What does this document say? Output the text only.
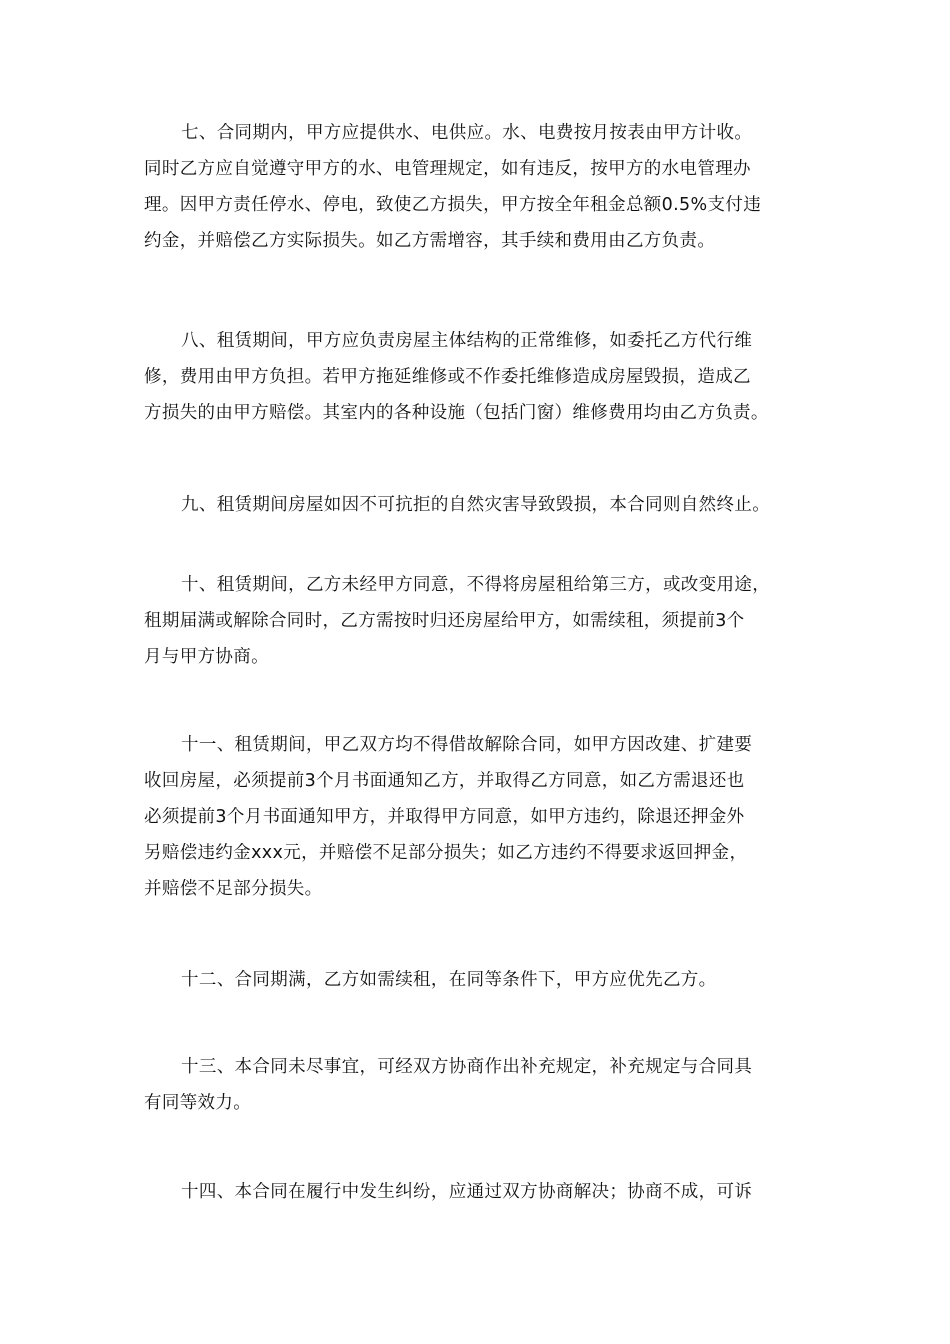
七、合同期内，甲方应提供水、电供应。水、电费按月按表由甲方计收。
同时乙方应自觉遵守甲方的水、电管理规定，如有违反，按甲方的水电管理办
理。因甲方责任停水、停电，致使乙方损失，甲方按全年租金总额0.5%支付违
约金，并赔偿乙方实际损失。如乙方需增容，其手续和费用由乙方负责。
八、租赁期间，甲方应负责房屋主体结构的正常维修，如委托乙方代行维
修，费用由甲方负担。若甲方拖延维修或不作委托维修造成房屋毁损，造成乙
方损失的由甲方赔偿。其室内的各种设施（包括门窗）维修费用均由乙方负责。
九、租赁期间房屋如因不可抗拒的自然灾害导致毁损，本合同则自然终止。
十、租赁期间，乙方未经甲方同意，不得将房屋租给第三方，或改变用途，
租期届满或解除合同时，乙方需按时归还房屋给甲方，如需续租，须提前3个
月与甲方协商。
十一、租赁期间，甲乙双方均不得借故解除合同，如甲方因改建、扩建要
收回房屋，必须提前3个月书面通知乙方，并取得乙方同意，如乙方需退还也
必须提前3个月书面通知甲方，并取得甲方同意，如甲方违约，除退还押金外
另赔偿违约金xxx元，并赔偿不足部分损失；如乙方违约不得要求返回押金，
并赔偿不足部分损失。
十二、合同期满，乙方如需续租，在同等条件下，甲方应优先乙方。
十三、本合同未尽事宜，可经双方协商作出补充规定，补充规定与合同具
有同等效力。
十四、本合同在履行中发生纠纷，应通过双方协商解决；协商不成，可诉
